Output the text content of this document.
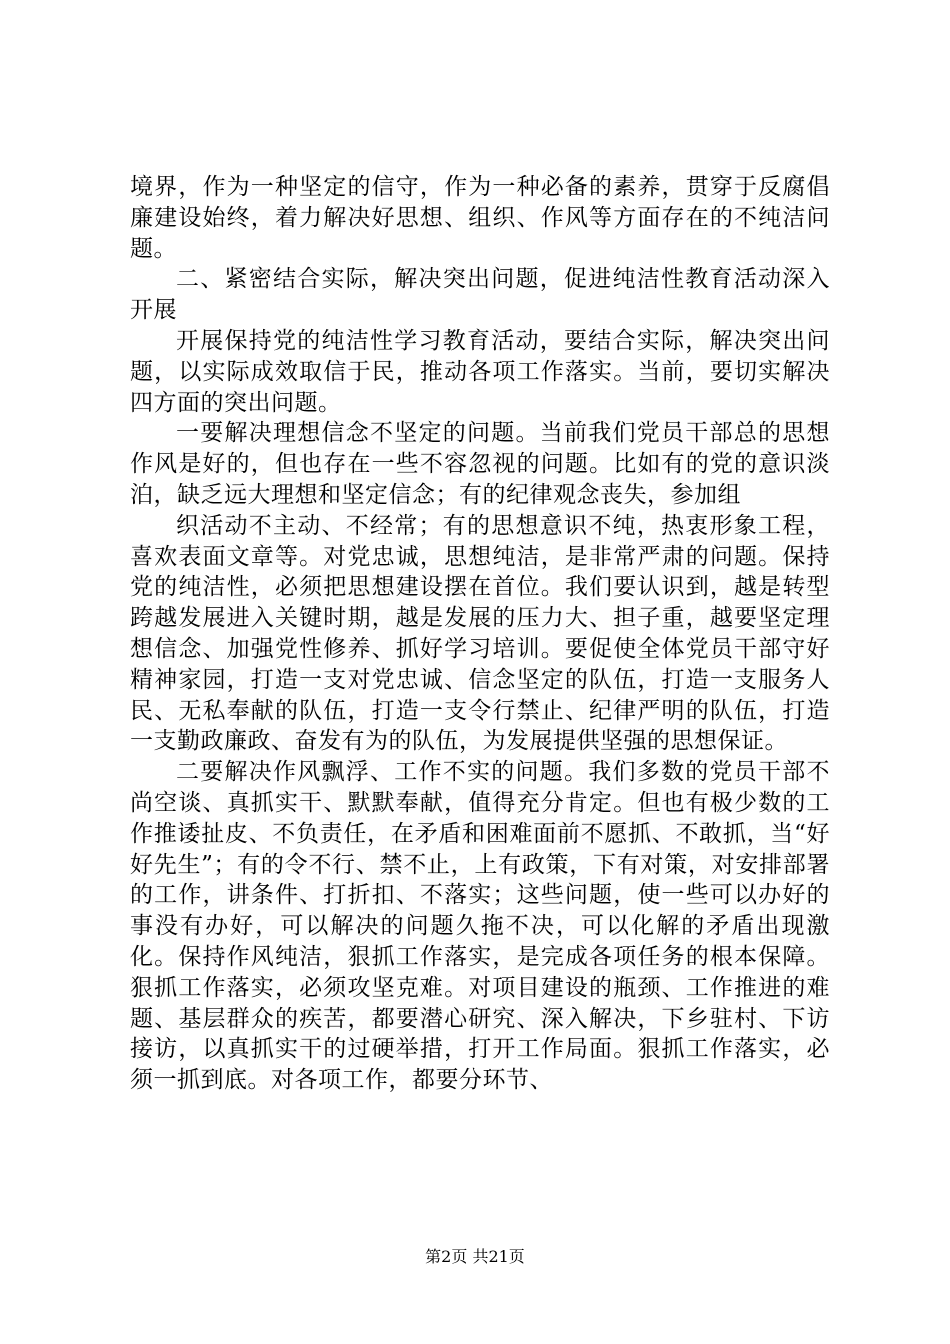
境界，作为一种坚定的信守，作为一种必备的素养，贯穿于反腐倡廉建设始终，着力解决好思想、组织、作风等方面存在的不纯洁问题。

二、紧密结合实际，解决突出问题，促进纯洁性教育活动深入开展

开展保持党的纯洁性学习教育活动，要结合实际，解决突出问题，以实际成效取信于民，推动各项工作落实。当前，要切实解决四方面的突出问题。

一要解决理想信念不坚定的问题。当前我们党员干部总的思想作风是好的，但也存在一些不容忽视的问题。比如有的党的意识淡泊，缺乏远大理想和坚定信念；有的纪律观念丧失，参加组

织活动不主动、不经常；有的思想意识不纯，热衷形象工程，喜欢表面文章等。对党忠诚，思想纯洁，是非常严肃的问题。保持党的纯洁性，必须把思想建设摆在首位。我们要认识到，越是转型跨越发展进入关键时期，越是发展的压力大、担子重，越要坚定理想信念、加强党性修养、抓好学习培训。要促使全体党员干部守好精神家园，打造一支对党忠诚、信念坚定的队伍，打造一支服务人民、无私奉献的队伍，打造一支令行禁止、纪律严明的队伍，打造一支勤政廉政、奋发有为的队伍，为发展提供坚强的思想保证。

二要解决作风飘浮、工作不实的问题。我们多数的党员干部不尚空谈、真抓实干、默默奉献，值得充分肯定。但也有极少数的工作推诿扯皮、不负责任，在矛盾和困难面前不愿抓、不敢抓，当“好好先生”；有的令不行、禁不止，上有政策，下有对策，对安排部署的工作，讲条件、打折扣、不落实；这些问题，使一些可以办好的事没有办好，可以解决的问题久拖不决，可以化解的矛盾出现激化。保持作风纯洁，狠抓工作落实，是完成各项任务的根本保障。狠抓工作落实，必须攻坚克难。对项目建设的瓶颈、工作推进的难题、基层群众的疾苦，都要潜心研究、深入解决，下乡驻村、下访接访，以真抓实干的过硬举措，打开工作局面。狠抓工作落实，必须一抓到底。对各项工作，都要分环节、

第2页 共21页
